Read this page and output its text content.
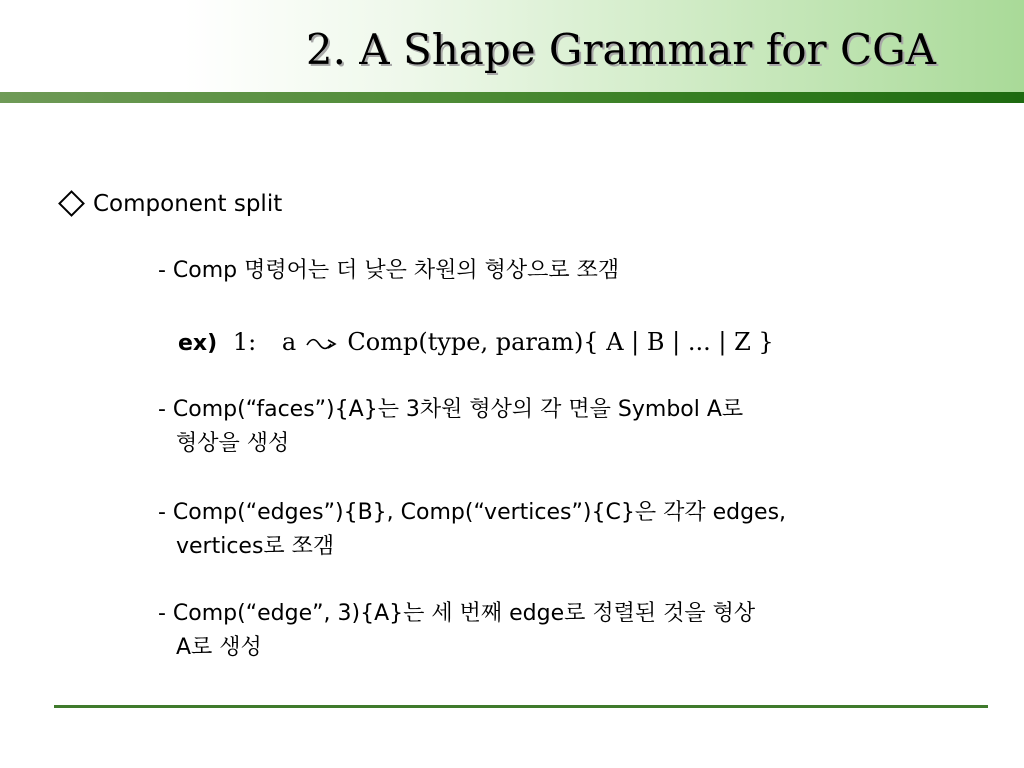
2. A Shape Grammar for CGA
Component split
- Comp 명령어는 더 낮은 차원의 형상으로 쪼갬
ex) 1: a Comp(type, param){ A | B | ... | Z }
- Comp(“faces”){A}는 3차원 형상의 각 면을 Symbol A로
형상을 생성
- Comp(“edges”){B}, Comp(“vertices”){C}은 각각 edges,
vertices로 쪼갬
- Comp(“edge”, 3){A}는 세 번째 edge로 정렬된 것을 형상
A로 생성
